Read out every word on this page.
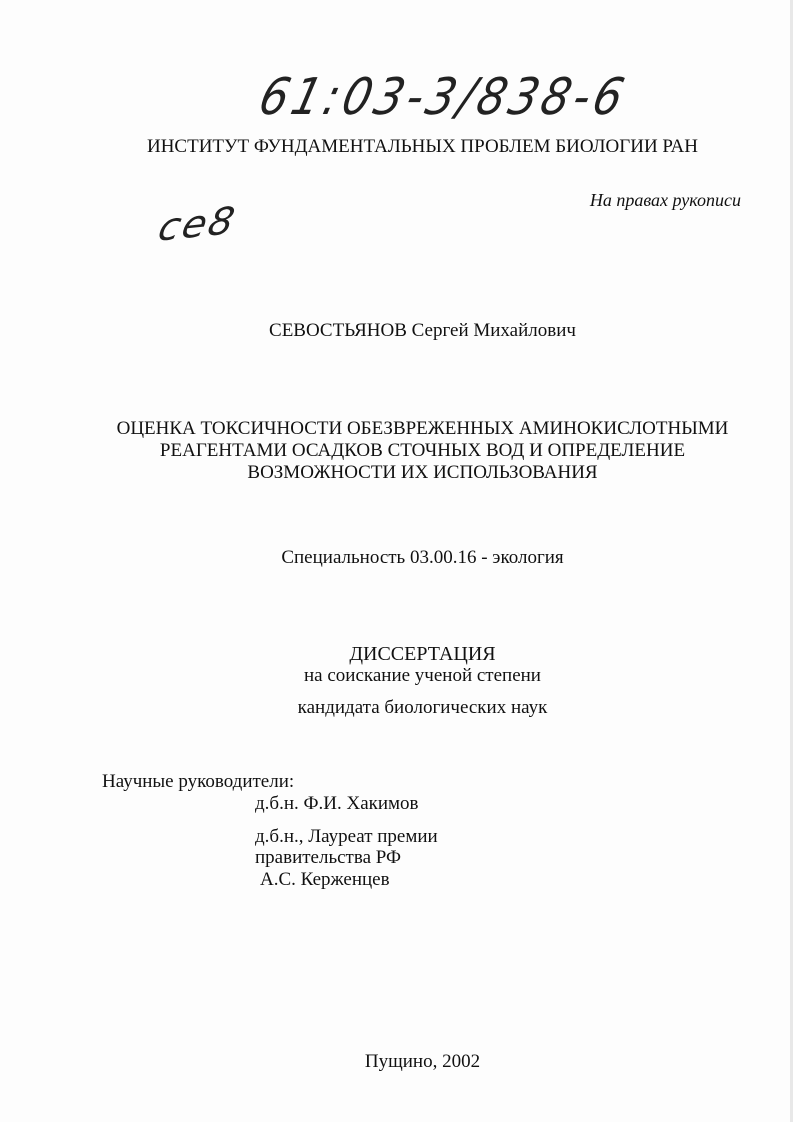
61:03-3/838-6
ИНСТИТУТ ФУНДАМЕНТАЛЬНЫХ ПРОБЛЕМ БИОЛОГИИ РАН
На правах рукописи
ce8
СЕВОСТЬЯНОВ Сергей Михайлович
ОЦЕНКА ТОКСИЧНОСТИ ОБЕЗВРЕЖЕННЫХ АМИНОКИСЛОТНЫМИ
РЕАГЕНТАМИ ОСАДКОВ СТОЧНЫХ ВОД И ОПРЕДЕЛЕНИЕ
ВОЗМОЖНОСТИ ИХ ИСПОЛЬЗОВАНИЯ
Специальность 03.00.16 - экология
ДИССЕРТАЦИЯ
на соискание ученой степени
кандидата биологических наук
Научные руководители:
д.б.н. Ф.И. Хакимов
д.б.н., Лауреат премии
правительства РФ
А.С. Керженцев
Пущино, 2002
